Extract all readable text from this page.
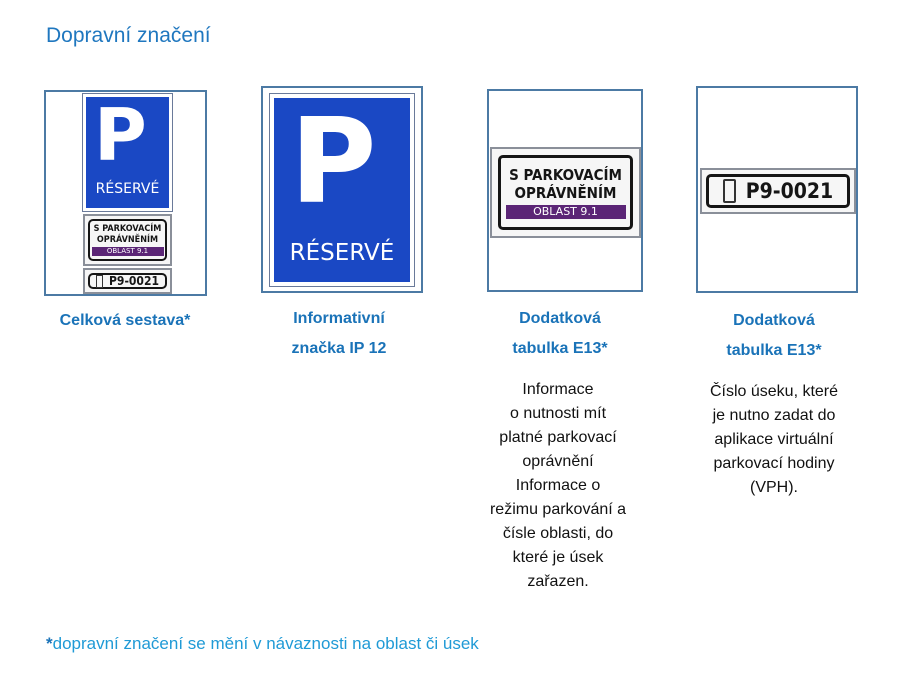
Dopravní značení
P
RÉSERVÉ
S PARKOVACÍM
OPRÁVNĚNÍM
OBLAST 9.1
P9-0021
Celková sestava*
P
RÉSERVÉ
Informativní
značka IP 12
S PARKOVACÍM
OPRÁVNĚNÍM
OBLAST 9.1
Dodatková
tabulka E13*
Informace
o nutnosti mít
platné parkovací
oprávnění
Informace o
režimu parkování a
čísle oblasti, do
které je úsek
zařazen.
P9-0021
Dodatková
tabulka E13*
Číslo úseku, které
je nutno zadat do
aplikace virtuální
parkovací hodiny
(VPH).
*dopravní značení se mění v návaznosti na oblast či úsek
